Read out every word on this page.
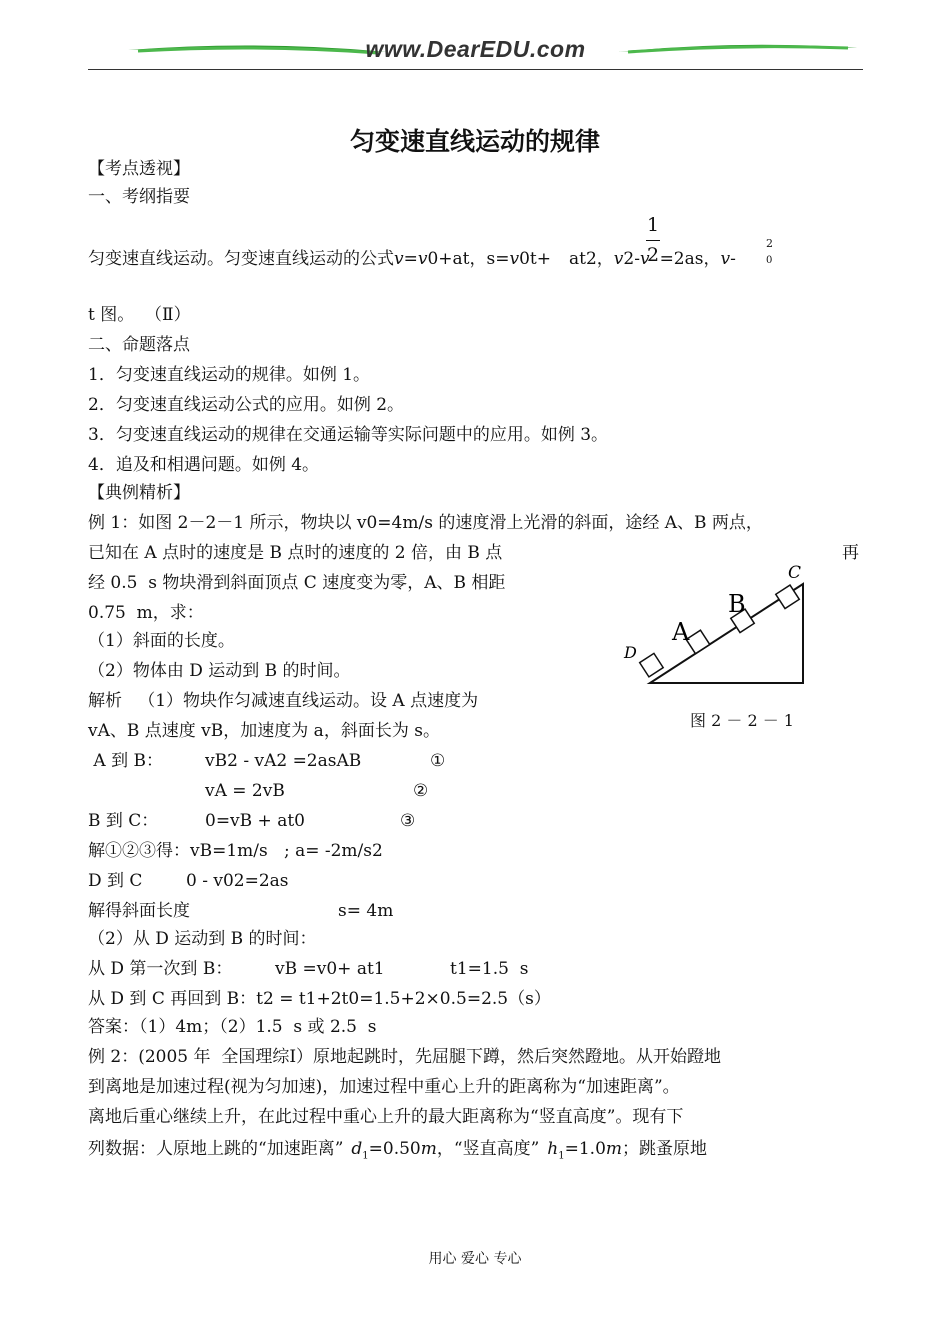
www.DearEDU.com
匀变速直线运动的规律
【考点透视】
一、考纲指要
1
2
2
0
匀变速直线运动。匀变速直线运动的公式v=v0+at，s=v0t+ at2，v2-v =2as，v-
t 图。  （Ⅱ）
二、命题落点
1．匀变速直线运动的规律。如例 1。
2．匀变速直线运动公式的应用。如例 2。
3．匀变速直线运动的规律在交通运输等实际问题中的应用。如例 3。
4．追及和相遇问题。如例 4。
【典例精析】
例 1：如图 2－2－1 所示，物块以 v0=4m/s 的速度滑上光滑的斜面，途经 A、B 两点，
已知在 A 点时的速度是 B 点时的速度的 2 倍，由 B 点	再
经 0.5  s 物块滑到斜面顶点 C 速度变为零，A、B 相距
0.75  m，求：
（1）斜面的长度。
（2）物体由 D 运动到 B 的时间。
解析   （1）物块作匀减速直线运动。设 A 点速度为
vA、B 点速度 vB，加速度为 a，斜面长为 s。
A 到 B： vB2 - vA2 =2asAB	①
vA = 2vB	②
B 到 C：	0=vB + at0	③
解①②③得：vB=1m/s   ; a= -2m/s2
D 到 C	0 - v02=2as
解得斜面长度	s= 4m
（2）从 D 运动到 B 的时间：
从 D 第一次到 B：	vB =v0+ at1	t1=1.5  s
从 D 到 C 再回到 B：t2 = t1+2t0=1.5+2×0.5=2.5（s）
答案：（1）4m；（2）1.5  s 或 2.5  s
D
A
B
C
图 2 － 2 － 1
例 2：(2005 年  全国理综Ⅰ）原地起跳时，先屈腿下蹲，然后突然蹬地。从开始蹬地
到离地是加速过程(视为匀加速)，加速过程中重心上升的距离称为“加速距离”。
离地后重心继续上升，在此过程中重心上升的最大距离称为“竖直高度”。现有下
列数据：人原地上跳的“加速距离” $d_1=0.50m$，“竖直高度” $h_1=1.0m$；跳蚤原地
用心 爱心 专心
